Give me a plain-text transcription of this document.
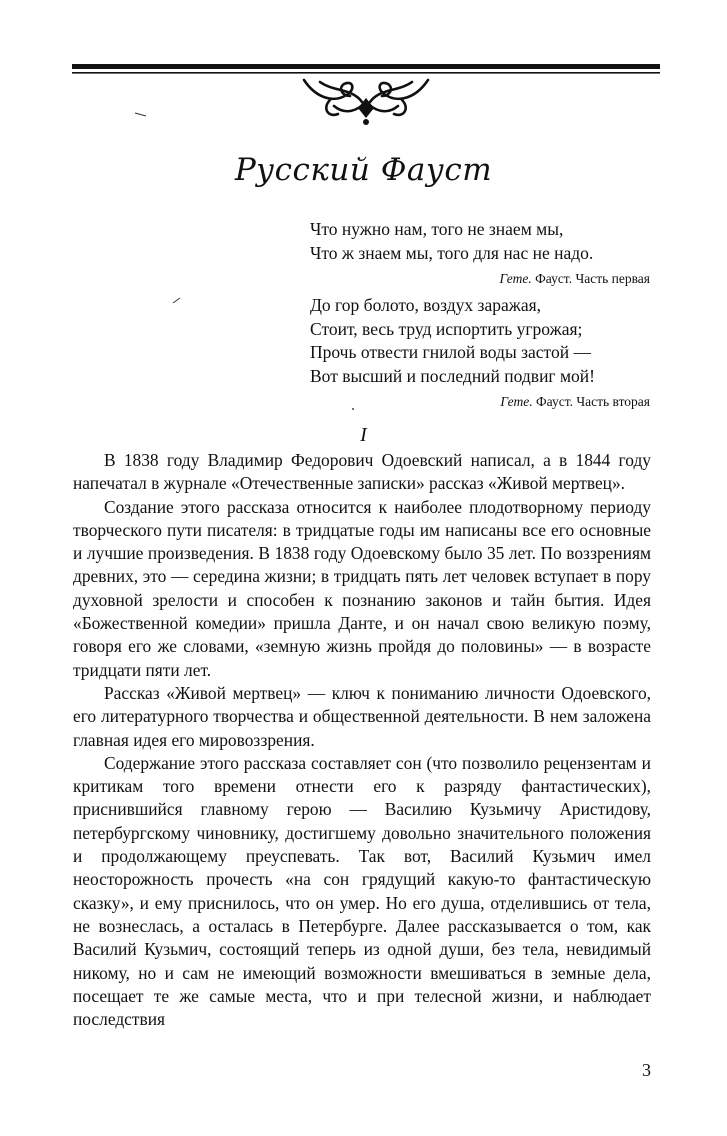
Русский Фауст
Что нужно нам, того не знаем мы,
Что ж знаем мы, того для нас не надо.
Гете. Фауст. Часть первая
До гор болото, воздух заражая,
Стоит, весь труд испортить угрожая;
Прочь отвести гнилой воды застой —
Вот высший и последний подвиг мой!
Гете. Фауст. Часть вторая
I

В 1838 году Владимир Федорович Одоевский написал, а в 1844 году напечатал в журнале «Отечественные записки» рассказ «Живой мертвец».

Создание этого рассказа относится к наиболее плодотворному периоду творческого пути писателя: в тридцатые годы им написаны все его основные и лучшие произведения. В 1838 году Одоевскому было 35 лет. По воззрениям древних, это — середина жизни; в тридцать пять лет человек вступает в пору духовной зрелости и способен к познанию законов и тайн бытия. Идея «Божественной комедии» пришла Данте, и он начал свою великую поэму, говоря его же словами, «земную жизнь пройдя до половины» — в возрасте тридцати пяти лет.

Рассказ «Живой мертвец» — ключ к пониманию личности Одоевского, его литературного творчества и общественной деятельности. В нем заложена главная идея его мировоззрения.

Содержание этого рассказа составляет сон (что позволило рецензентам и критикам того времени отнести его к разряду фантастических), приснившийся главному герою — Василию Кузьмичу Аристидову, петербургскому чиновнику, достигшему довольно значительного положения и продолжающему преуспевать. Так вот, Василий Кузьмич имел неосторожность прочесть «на сон грядущий какую-то фантастическую сказку», и ему приснилось, что он умер. Но его душа, отделившись от тела, не вознеслась, а осталась в Петербурге. Далее рассказывается о том, как Василий Кузьмич, состоящий теперь из одной души, без тела, невидимый никому, но и сам не имеющий возможности вмешиваться в земные дела, посещает те же самые места, что и при телесной жизни, и наблюдает последствия

3
